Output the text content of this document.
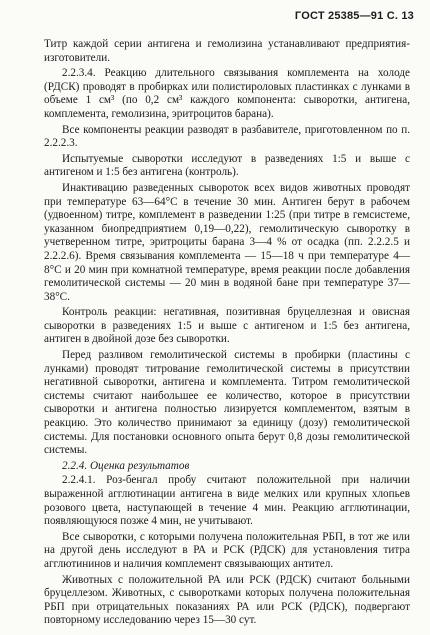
ГОСТ 25385—91 С. 13

Титр каждой серии антигена и гемолизина устанавливают предприятия-изготовители.

2.2.3.4. Реакцию длительного связывания комплемента на холоде (РДСК) проводят в пробирках или полистироловых пластинках с лунками в объеме 1 см³ (по 0,2 см³ каждого компонента: сыворотки, антигена, комплемента, гемолизина, эритроцитов барана).

Все компоненты реакции разводят в разбавителе, приготовленном по п. 2.2.2.3.

Испытуемые сыворотки исследуют в разведениях 1:5 и выше с антигеном и 1:5 без антигена (контроль).

Инактивацию разведенных сывороток всех видов животных проводят при температуре 63—64°С в течение 30 мин. Антиген берут в рабочем (удвоенном) титре, комплемент в разведении 1:25 (при титре в гемсистеме, указанном биопредприятием 0,19—0,22), гемолитическую сыворотку в учетверенном титре, эритроциты барана 3—4 % от осадка (пп. 2.2.2.5 и 2.2.2.6). Время связывания комплемента — 15—18 ч при температуре 4—8°С и 20 мин при комнатной температуре, время реакции после добавления гемолитической системы — 20 мин в водяной бане при температуре 37—38°С.

Контроль реакции: негативная, позитивная бруцеллезная и овисная сыворотки в разведениях 1:5 и выше с антигеном и 1:5 без антигена, антиген в двойной дозе без сыворотки.

Перед разливом гемолитической системы в пробирки (пластины с лунками) проводят титрование гемолитической системы в присутствии негативной сыворотки, антигена и комплемента. Титром гемолитической системы считают наибольшее ее количество, которое в присутствии сыворотки и антигена полностью лизируется комплементом, взятым в реакцию. Это количество принимают за единицу (дозу) гемолитической системы. Для постановки основного опыта берут 0,8 дозы гемолитической системы.

2.2.4. Оценка результатов

2.2.4.1. Роз-бенгал пробу считают положительной при наличии выраженной агглютинации антигена в виде мелких или крупных хлопьев розового цвета, наступающей в течение 4 мин. Реакцию агглютинации, появляющуюся позже 4 мин, не учитывают.

Все сыворотки, с которыми получена положительная РБП, в тот же или на другой день исследуют в РА и РСК (РДСК) для установления титра агглютининов и наличия комплемент связывающих антител.

Животных с положительной РА или РСК (РДСК) считают больными бруцеллезом. Животных, с сыворотками которых получена положительная РБП при отрицательных показаниях РА или РСК (РДСК), подвергают повторному исследованию через 15—30 сут.
